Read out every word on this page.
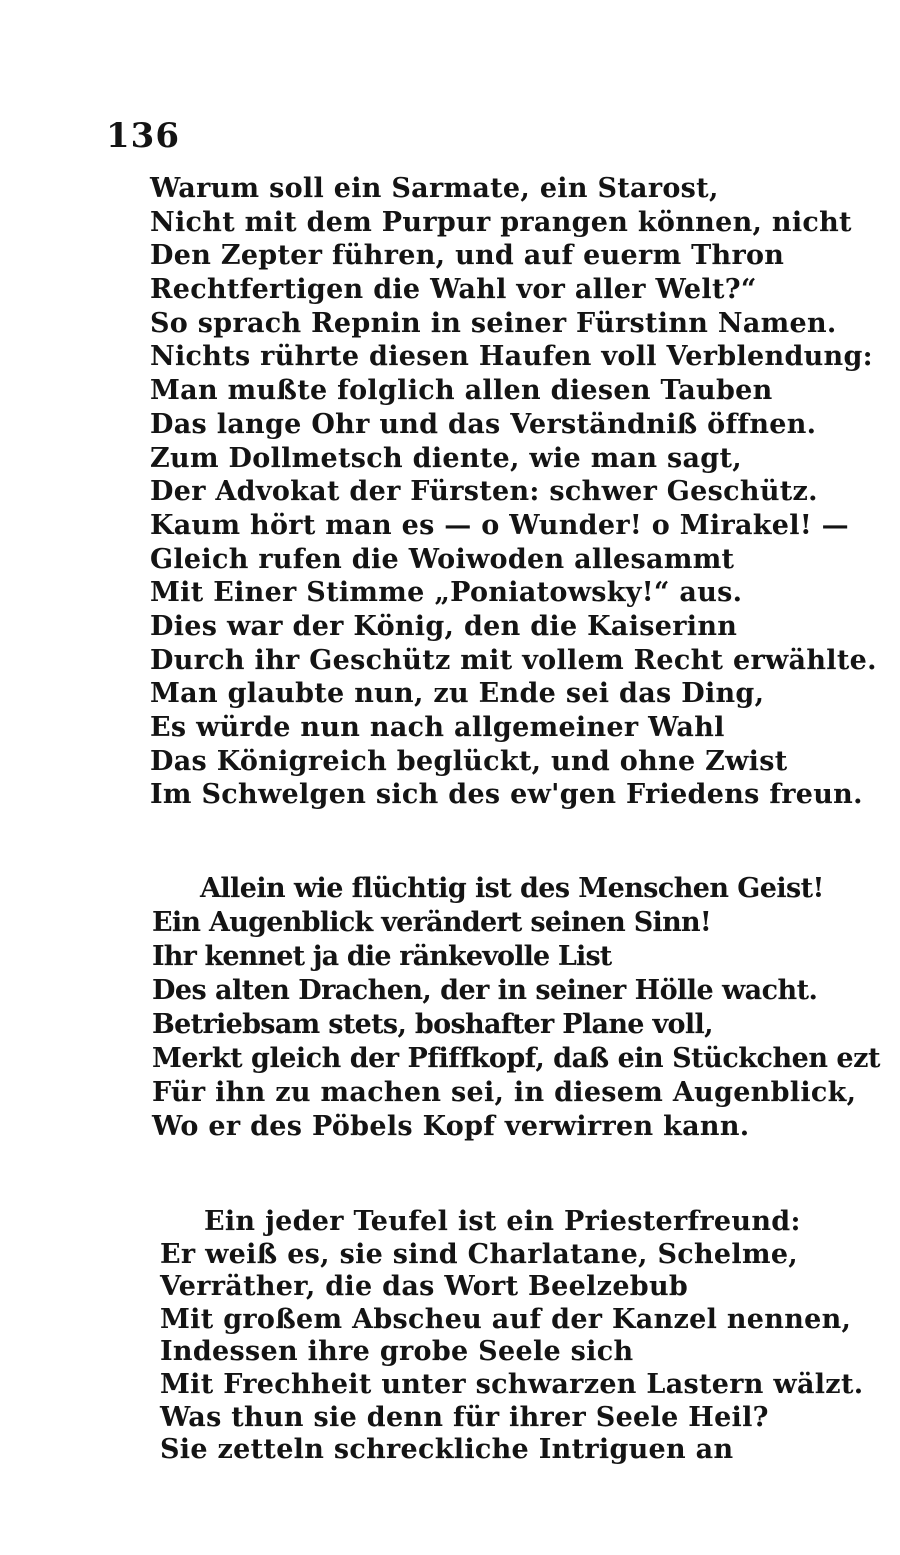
136
Warum soll ein Sarmate, ein Starost,
Nicht mit dem Purpur prangen können, nicht
Den Zepter führen, und auf euerm Thron
Rechtfertigen die Wahl vor aller Welt?“
So sprach Repnin in seiner Fürstinn Namen.
Nichts rührte diesen Haufen voll Verblendung:
Man mußte folglich allen diesen Tauben
Das lange Ohr und das Verständniß öffnen.
Zum Dollmetsch diente, wie man sagt,
Der Advokat der Fürsten: schwer Geschütz.
Kaum hört man es — o Wunder! o Mirakel! —
Gleich rufen die Woiwoden allesammt
Mit Einer Stimme „Poniatowsky!“ aus.
Dies war der König, den die Kaiserinn
Durch ihr Geschütz mit vollem Recht erwählte.
Man glaubte nun, zu Ende sei das Ding,
Es würde nun nach allgemeiner Wahl
Das Königreich beglückt, und ohne Zwist
Im Schwelgen sich des ew'gen Friedens freun.
Allein wie flüchtig ist des Menschen Geist!
Ein Augenblick verändert seinen Sinn!
Ihr kennet ja die ränkevolle List
Des alten Drachen, der in seiner Hölle wacht.
Betriebsam stets, boshafter Plane voll,
Merkt gleich der Pfiffkopf, daß ein Stückchen ezt
Für ihn zu machen sei, in diesem Augenblick,
Wo er des Pöbels Kopf verwirren kann.
Ein jeder Teufel ist ein Priesterfreund:
Er weiß es, sie sind Charlatane, Schelme,
Verräther, die das Wort Beelzebub
Mit großem Abscheu auf der Kanzel nennen,
Indessen ihre grobe Seele sich
Mit Frechheit unter schwarzen Lastern wälzt.
Was thun sie denn für ihrer Seele Heil?
Sie zetteln schreckliche Intriguen an
